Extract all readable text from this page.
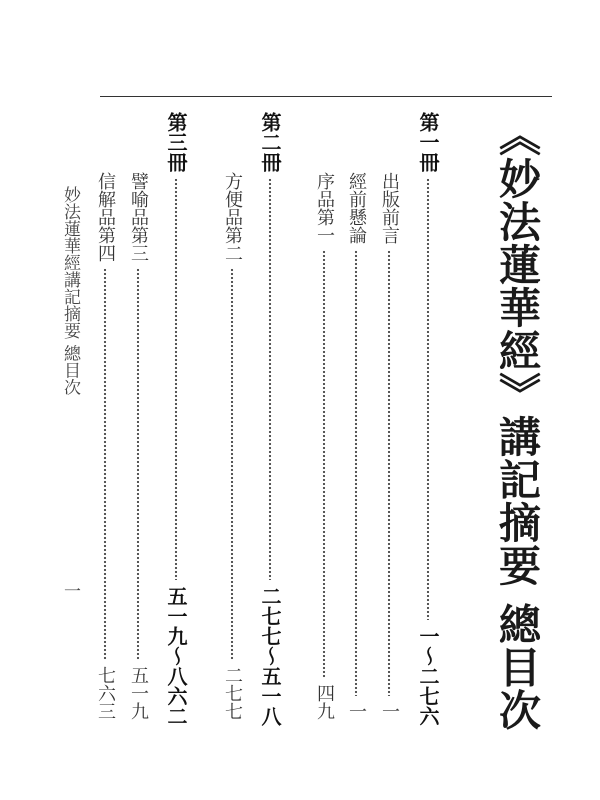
《妙法蓮華經》講記摘要 總目次
第一冊
一～二七六
出版前言
一
經前懸論
一
序品第一
四九
第二冊
二七七～五一八
方便品第二
二七七
第三冊
五一九～八六二
譬喻品第三
五一九
信解品第四
七六三
妙法蓮華經講記摘要 總目次
一
